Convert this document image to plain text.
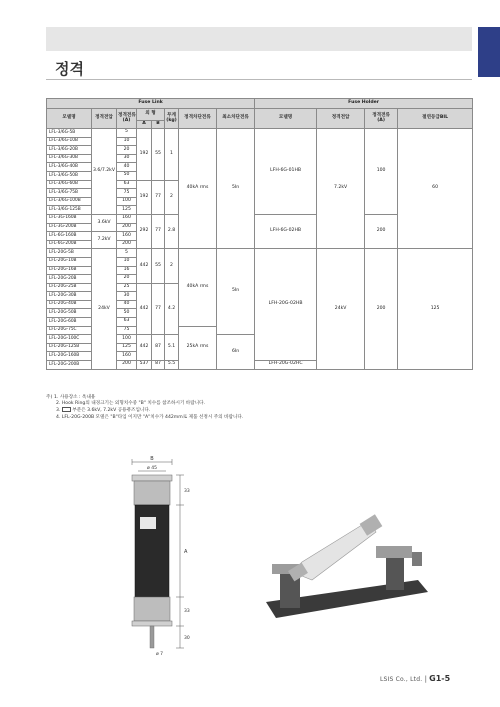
정격
Fuse Link								Fuse Holder			
모델명	정격전압	정격전류
(A)	외 형		무게
(kg)	정격차단전류	최소차단전류	모델명	정격전압	정격전류
(A)	절연등급BIL
			A	B							
LFL-3/6G-5B	3.6/7.2kV	5	192	55	1	40kA rms	5In	LFH-6G-01HB	7.2kV	100	60
LFL-3/6G-10B		10									
LFL-3/6G-20B		20									
LFL-3/6G-30B		30									
LFL-3/6G-40B		40									
LFL-3/6G-50B		50									
LFL-3/6G-60B		63	192	77	2						
LFL-3/6G-75B		75									
LFL-3/6G-100B		100									
LFL-3/6G-125B		125									
LFL-3G-160B	3.6kV	160	292	77	2.8			LFH-6G-02HB		200	
LFL-3G-200B		200									
LFL-6G-160B	7.2kV	160									
LFL-6G-200B		200									
LFL-20G-5B	24kV	5	442	55	2	40kA rms	5In	LFH-20G-02HB	24kV	200	125
LFL-20G-10B		10									
LFL-20G-16B		16									
LFL-20G-20B		20									
LFL-20G-25B		25	442	77	4.2						
LFL-20G-30B		30									
LFL-20G-40B		40									
LFL-20G-50B		50									
LFL-20G-60B		63									
LFL-20G-75C		75				25kA rms					
LFL-20G-100C		100	442	87	5.1		6In				
LFL-20G-125B		125									
LFL-20G-160B		160									
LFL-20G-200B		200	537	87	5.5			LFH-20G-02HC			
주) 1. 사용장소 : 옥내용
2. Hook Ring의 내경크기는 외형치수중 "B" 치수를 참조하시기 바랍니다.
3.	부분은 3.6kV, 7.2kV 공용퓨즈입니다.
4. LFL-20G-200B 모델은 "B"타입 이지만 "A"치수가 442mm로 제품 선정시 주의 바랍니다.
B
ø 45
33
A
33
30
ø 7
LSIS Co., Ltd. | G1-5
